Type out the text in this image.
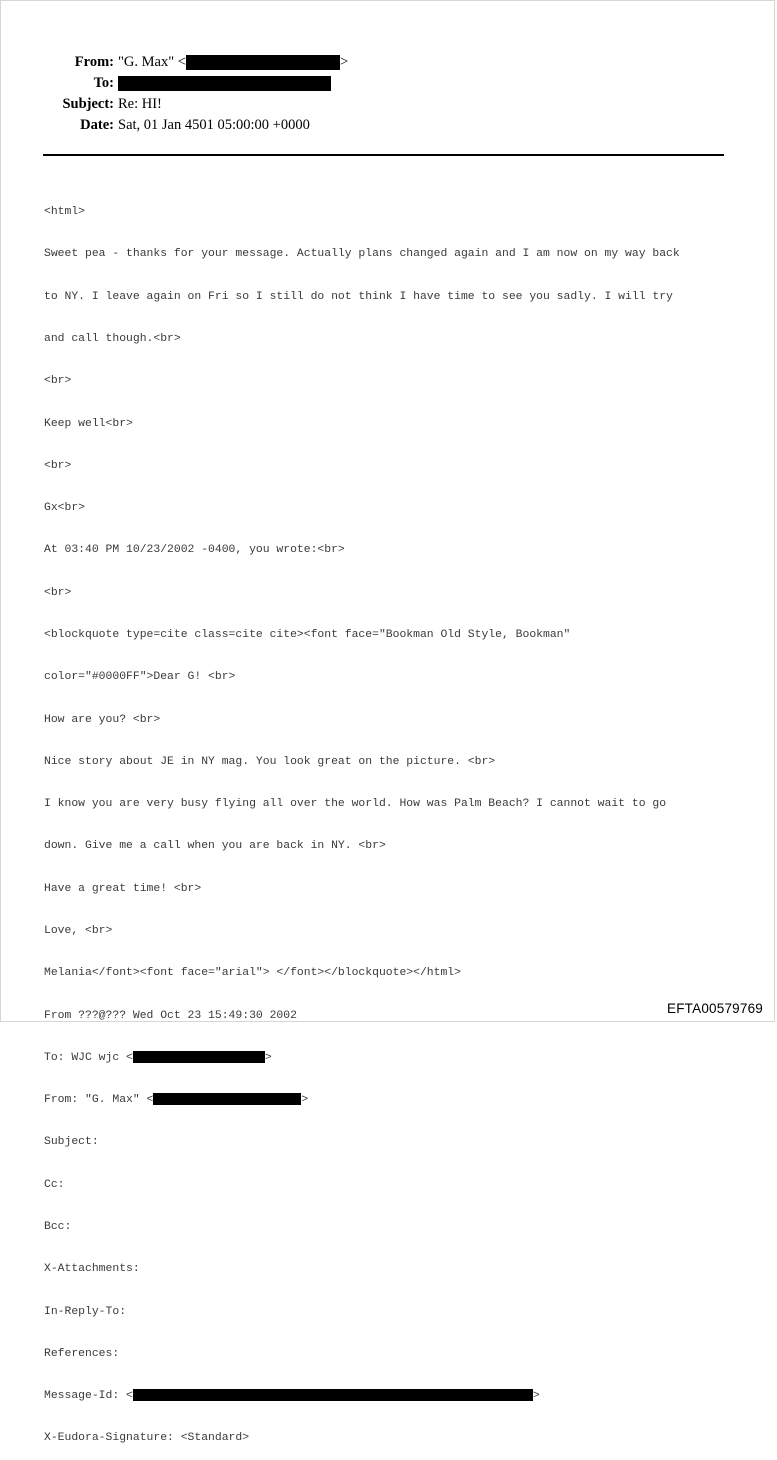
From: "G. Max" <	>
To:
Subject: Re: HI!
Date: Sat, 01 Jan 4501 05:00:00 +0000

<html>

Sweet pea - thanks for your message. Actually plans changed again and I am now on my way back

to NY. I leave again on Fri so I still do not think I have time to see you sadly. I will try

and call though.<br>

<br>

Keep well<br>

<br>

Gx<br>

At 03:40 PM 10/23/2002 -0400, you wrote:<br>

<br>

<blockquote type=cite class=cite cite><font face="Bookman Old Style, Bookman"

color="#0000FF">Dear G! <br>

How are you? <br>

Nice story about JE in NY mag. You look great on the picture. <br>

I know you are very busy flying all over the world. How was Palm Beach? I cannot wait to go

down. Give me a call when you are back in NY. <br>

Have a great time! <br>

Love, <br>

Melania</font><font face="arial"> </font></blockquote></html>

From ???@??? Wed Oct 23 15:49:30 2002

To: WJC wjc <	>

From: "G. Max" <	>

Subject:

Cc:

Bcc:

X-Attachments:

In-Reply-To:

References:

Message-Id: <	>

X-Eudora-Signature: <Standard>

EFTA00579769
